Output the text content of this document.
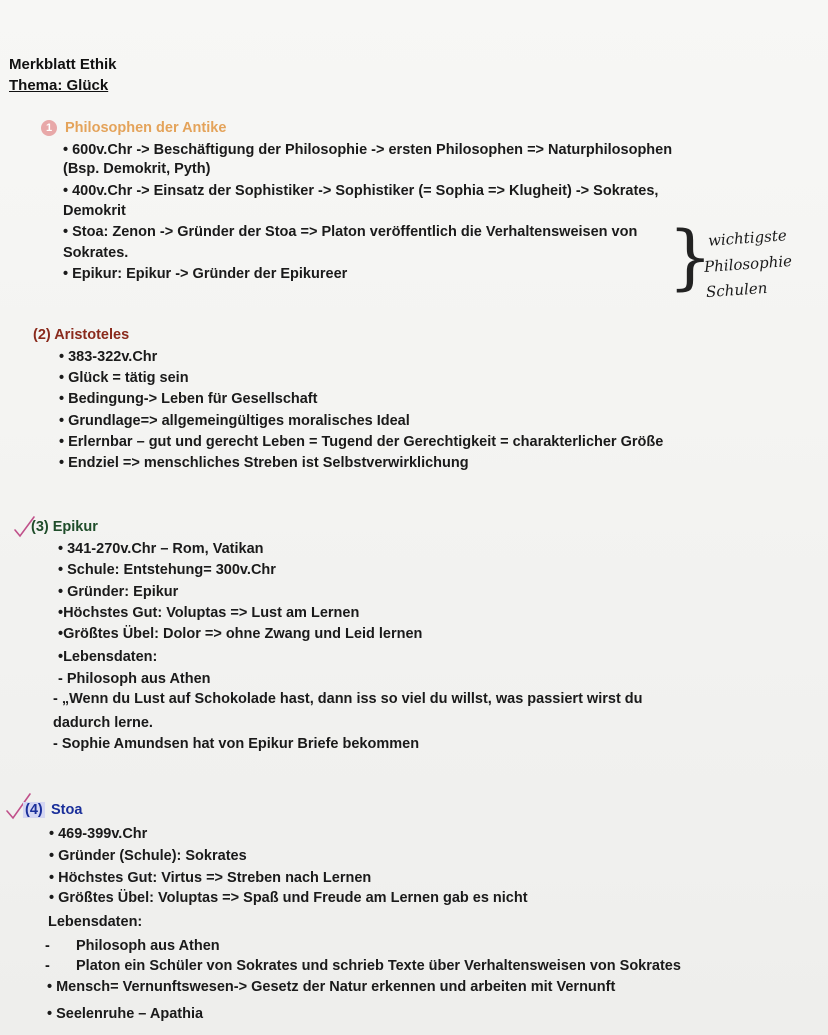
Merkblatt Ethik
Thema: Glück
1 Philosophen der Antike
• 600v.Chr -> Beschäftigung der Philosophie -> ersten Philosophen => Naturphilosophen
(Bsp. Demokrit, Pyth)
• 400v.Chr -> Einsatz der Sophistiker -> Sophistiker (= Sophia => Klugheit) -> Sokrates,
Demokrit
• Stoa: Zenon -> Gründer der Stoa => Platon veröffentlich die Verhaltensweisen von
Sokrates.
• Epikur: Epikur -> Gründer der Epikureer	}
wichtigste
Philosophie
Schulen
(2) Aristoteles
• 383-322v.Chr
• Glück = tätig sein
• Bedingung-> Leben für Gesellschaft
• Grundlage=> allgemeingültiges moralisches Ideal
• Erlernbar – gut und gerecht Leben = Tugend der Gerechtigkeit = charakterlicher Größe
• Endziel => menschliches Streben ist Selbstverwirklichung
(3) Epikur
• 341-270v.Chr – Rom, Vatikan
• Schule: Entstehung= 300v.Chr
• Gründer: Epikur
•Höchstes Gut: Voluptas => Lust am Lernen
•Größtes Übel: Dolor => ohne Zwang und Leid lernen
•Lebensdaten:
- Philosoph aus Athen
- „Wenn du Lust auf Schokolade hast, dann iss so viel du willst, was passiert wirst du
dadurch lerne.
- Sophie Amundsen hat von Epikur Briefe bekommen
(4) Stoa
• 469-399v.Chr
• Gründer (Schule): Sokrates
• Höchstes Gut: Virtus => Streben nach Lernen
• Größtes Übel: Voluptas => Spaß und Freude am Lernen gab es nicht
Lebensdaten:
- Philosoph aus Athen
- Platon ein Schüler von Sokrates und schrieb Texte über Verhaltensweisen von Sokrates
• Mensch= Vernunftswesen-> Gesetz der Natur erkennen und arbeiten mit Vernunft
• Seelenruhe – Apathia
